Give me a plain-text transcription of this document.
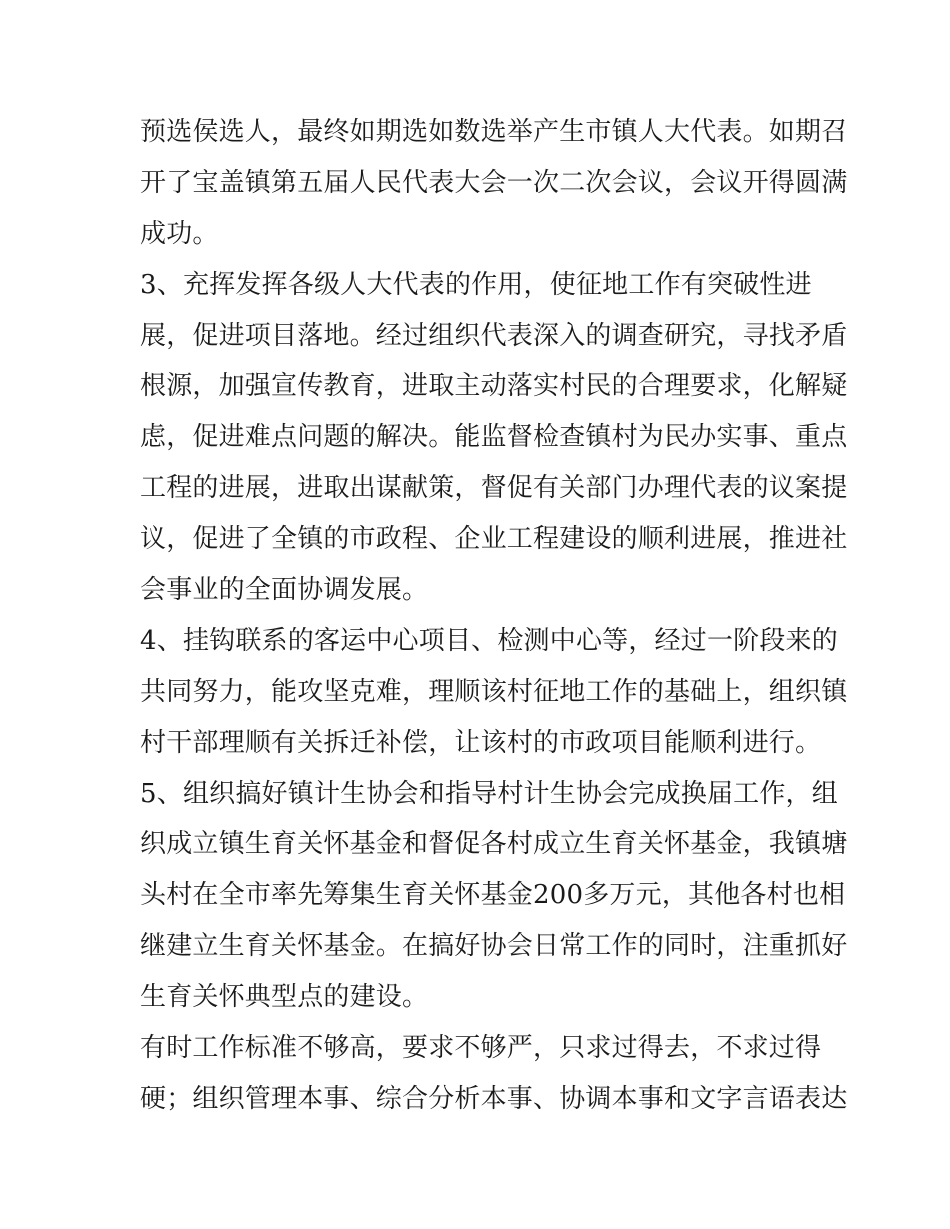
预选侯选人，最终如期选如数选举产生市镇人大代表。如期召
开了宝盖镇第五届人民代表大会一次二次会议，会议开得圆满
成功。
3、充挥发挥各级人大代表的作用，使征地工作有突破性进
展，促进项目落地。经过组织代表深入的调查研究，寻找矛盾
根源，加强宣传教育，进取主动落实村民的合理要求，化解疑
虑，促进难点问题的解决。能监督检查镇村为民办实事、重点
工程的进展，进取出谋献策，督促有关部门办理代表的议案提
议，促进了全镇的市政程、企业工程建设的顺利进展，推进社
会事业的全面协调发展。
4、挂钩联系的客运中心项目、检测中心等，经过一阶段来的
共同努力，能攻坚克难，理顺该村征地工作的基础上，组织镇
村干部理顺有关拆迁补偿，让该村的市政项目能顺利进行。
5、组织搞好镇计生协会和指导村计生协会完成换届工作，组
织成立镇生育关怀基金和督促各村成立生育关怀基金，我镇塘
头村在全市率先筹集生育关怀基金200多万元，其他各村也相
继建立生育关怀基金。在搞好协会日常工作的同时，注重抓好
生育关怀典型点的建设。
有时工作标准不够高，要求不够严，只求过得去，不求过得
硬；组织管理本事、综合分析本事、协调本事和文字言语表达
